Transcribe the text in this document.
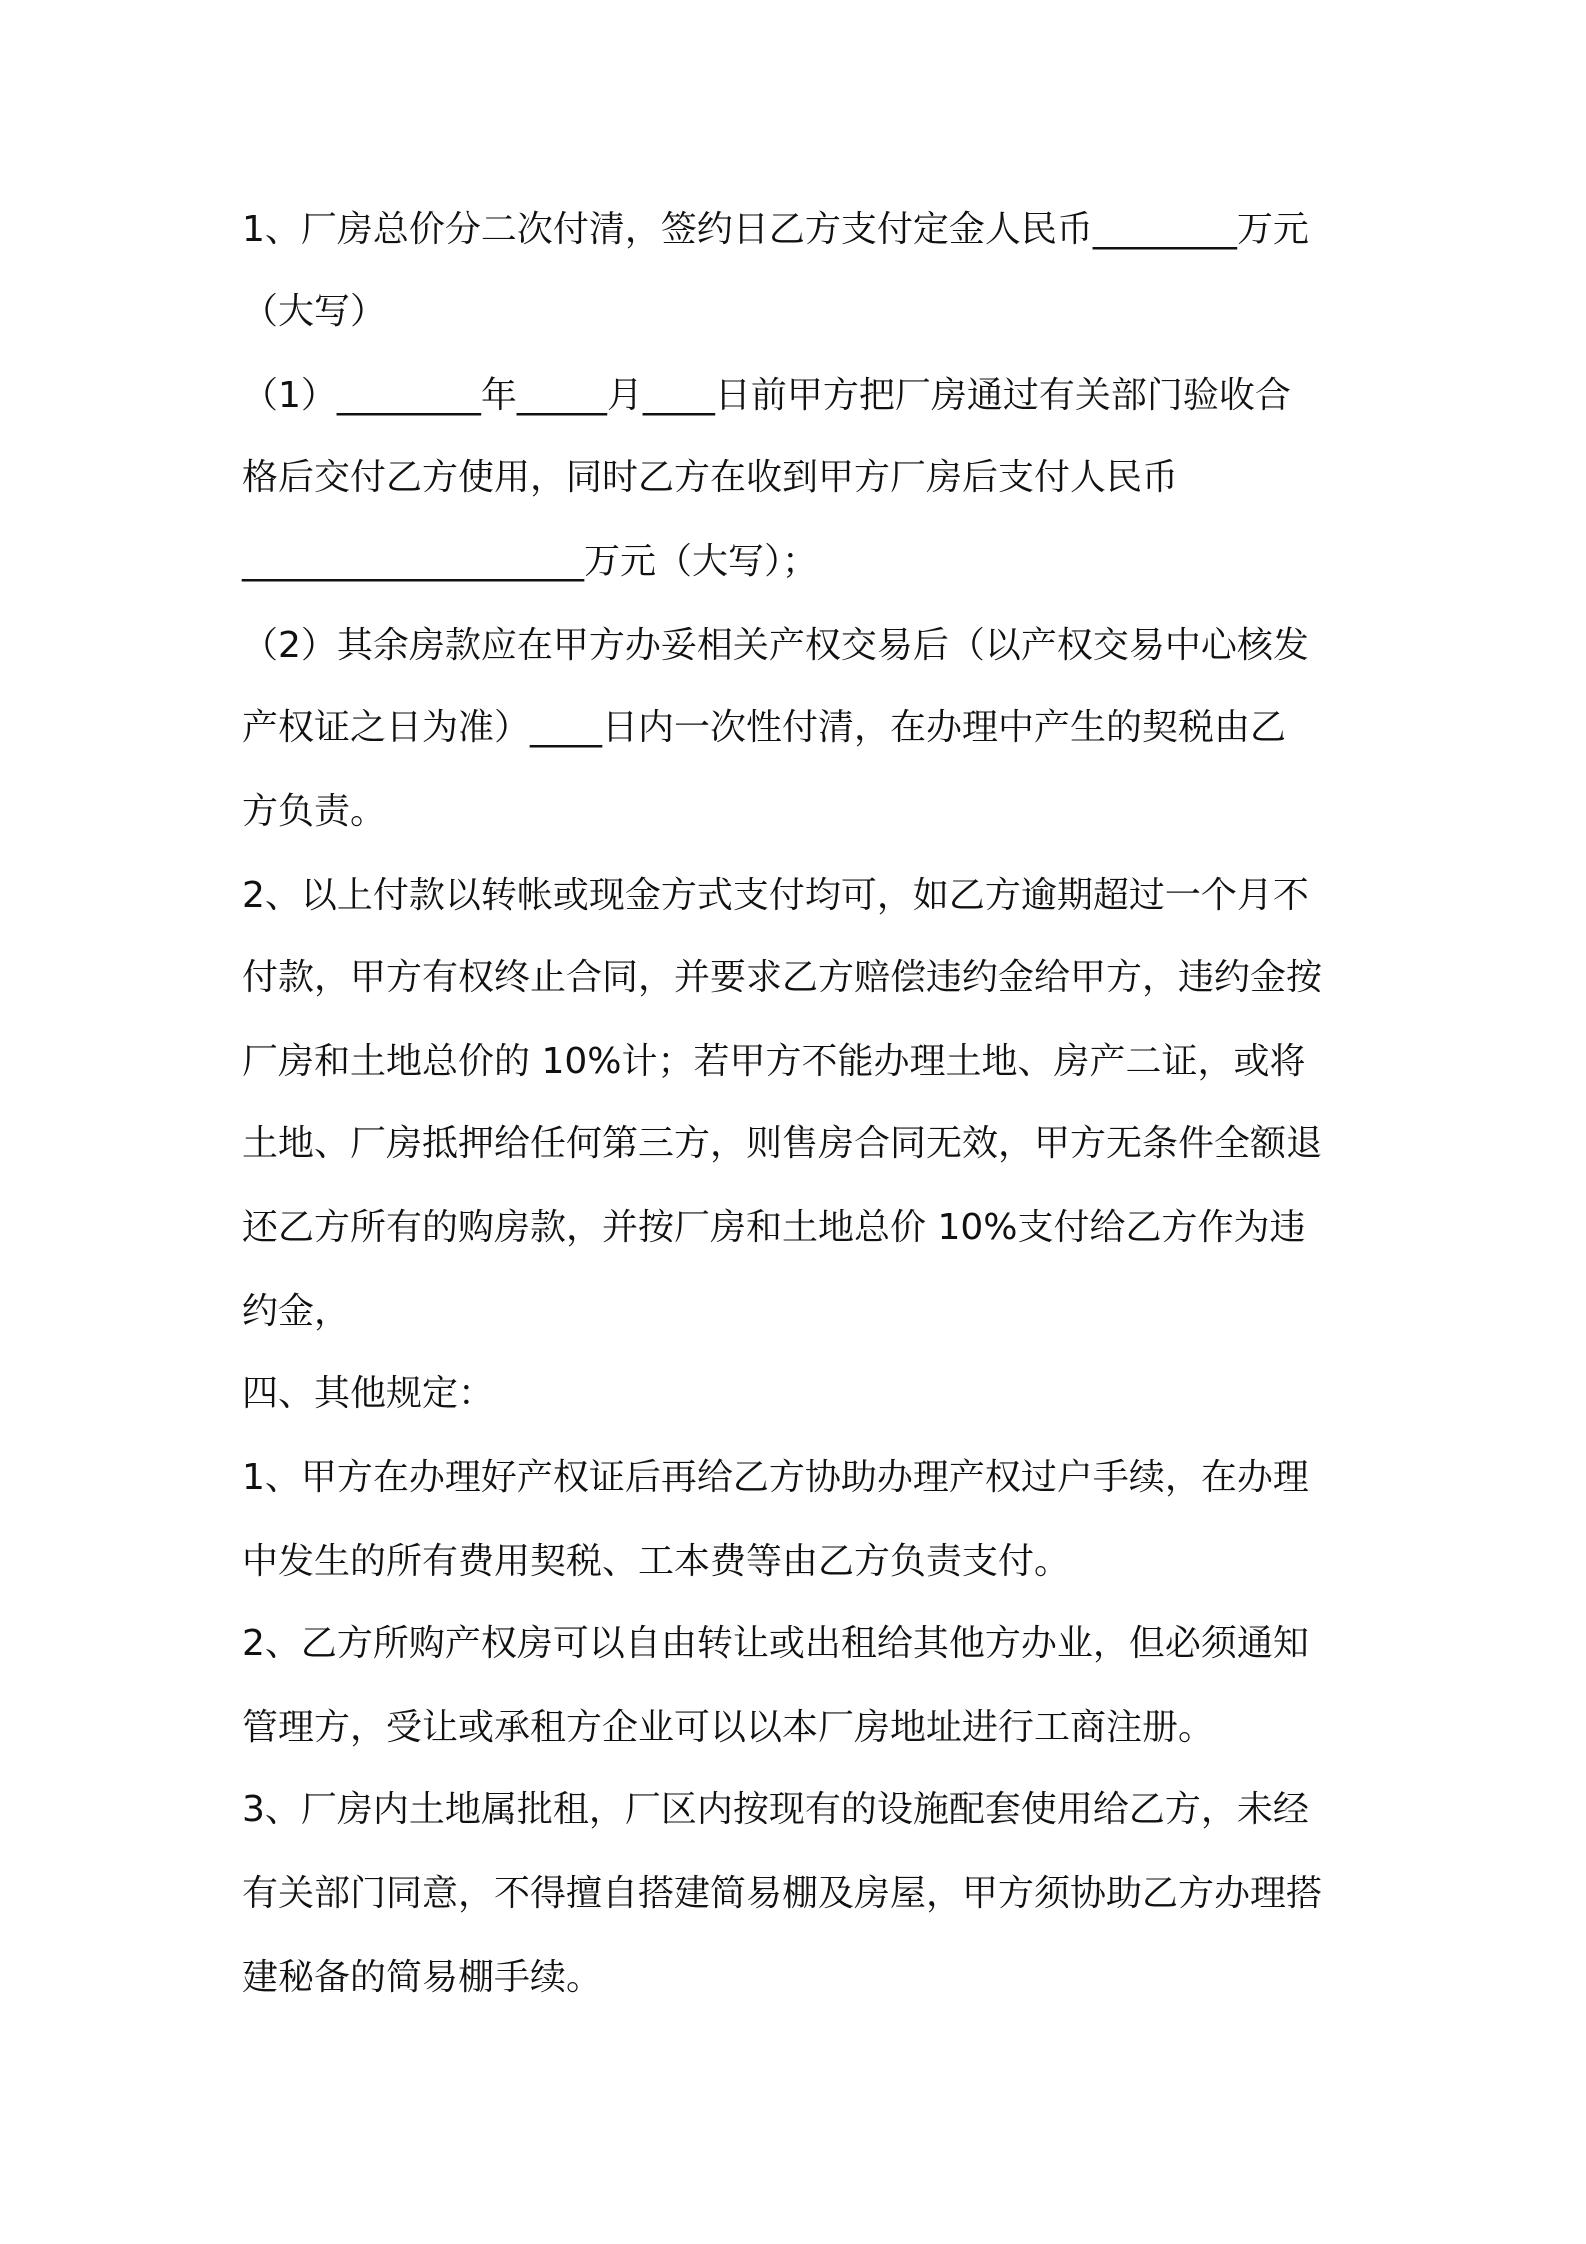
1、厂房总价分二次付清，签约日乙方支付定金人民币________万元
（大写）
（1）________年_____月____日前甲方把厂房通过有关部门验收合
格后交付乙方使用，同时乙方在收到甲方厂房后支付人民币
___________________万元（大写）；
（2）其余房款应在甲方办妥相关产权交易后（以产权交易中心核发
产权证之日为准）____日内一次性付清，在办理中产生的契税由乙
方负责。
2、以上付款以转帐或现金方式支付均可，如乙方逾期超过一个月不
付款，甲方有权终止合同，并要求乙方赔偿违约金给甲方，违约金按
厂房和土地总价的 10%计；若甲方不能办理土地、房产二证，或将
土地、厂房抵押给任何第三方，则售房合同无效，甲方无条件全额退
还乙方所有的购房款，并按厂房和土地总价 10%支付给乙方作为违
约金，
四、其他规定：
1、甲方在办理好产权证后再给乙方协助办理产权过户手续，在办理
中发生的所有费用契税、工本费等由乙方负责支付。
2、乙方所购产权房可以自由转让或出租给其他方办业，但必须通知
管理方，受让或承租方企业可以以本厂房地址进行工商注册。
3、厂房内土地属批租，厂区内按现有的设施配套使用给乙方，未经
有关部门同意，不得擅自搭建简易棚及房屋，甲方须协助乙方办理搭
建秘备的简易棚手续。
